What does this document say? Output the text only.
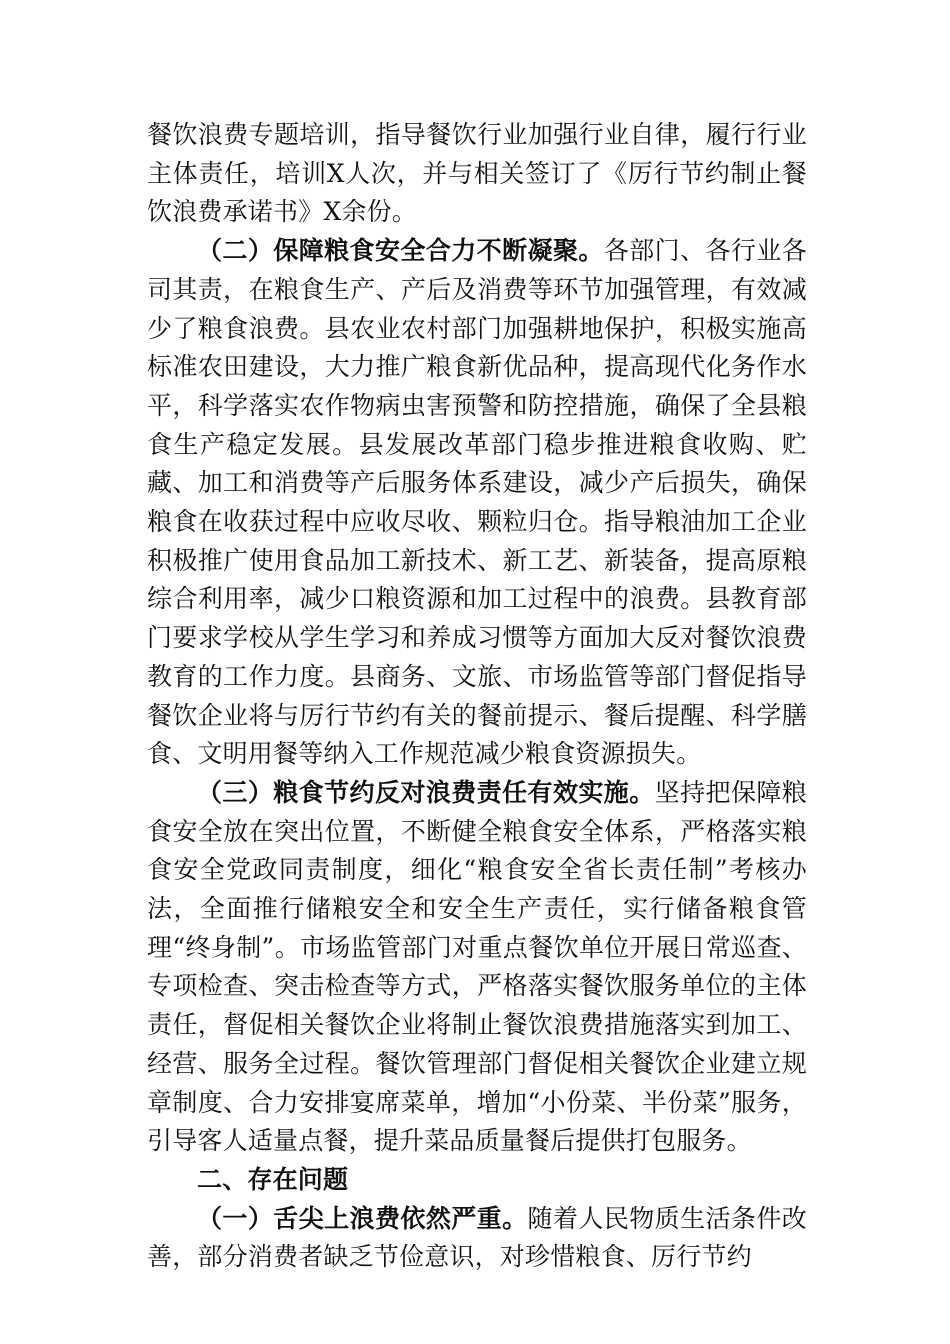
餐饮浪费专题培训，指导餐饮行业加强行业自律，履行行业主体责任，培训X人次，并与相关签订了《厉行节约制止餐饮浪费承诺书》X余份。

（二）保障粮食安全合力不断凝聚。各部门、各行业各司其责，在粮食生产、产后及消费等环节加强管理，有效减少了粮食浪费。县农业农村部门加强耕地保护，积极实施高标准农田建设，大力推广粮食新优品种，提高现代化务作水平，科学落实农作物病虫害预警和防控措施，确保了全县粮食生产稳定发展。县发展改革部门稳步推进粮食收购、贮藏、加工和消费等产后服务体系建设，减少产后损失，确保粮食在收获过程中应收尽收、颗粒归仓。指导粮油加工企业积极推广使用食品加工新技术、新工艺、新装备，提高原粮综合利用率，减少口粮资源和加工过程中的浪费。县教育部门要求学校从学生学习和养成习惯等方面加大反对餐饮浪费教育的工作力度。县商务、文旅、市场监管等部门督促指导餐饮企业将与厉行节约有关的餐前提示、餐后提醒、科学膳食、文明用餐等纳入工作规范减少粮食资源损失。

（三）粮食节约反对浪费责任有效实施。坚持把保障粮食安全放在突出位置，不断健全粮食安全体系，严格落实粮食安全党政同责制度，细化“粮食安全省长责任制”考核办法，全面推行储粮安全和安全生产责任，实行储备粮食管理“终身制”。市场监管部门对重点餐饮单位开展日常巡查、专项检查、突击检查等方式，严格落实餐饮服务单位的主体责任，督促相关餐饮企业将制止餐饮浪费措施落实到加工、经营、服务全过程。餐饮管理部门督促相关餐饮企业建立规章制度、合力安排宴席菜单，增加“小份菜、半份菜”服务，引导客人适量点餐，提升菜品质量餐后提供打包服务。

二、存在问题

（一）舌尖上浪费依然严重。随着人民物质生活条件改善，部分消费者缺乏节俭意识，对珍惜粮食、厉行节约
